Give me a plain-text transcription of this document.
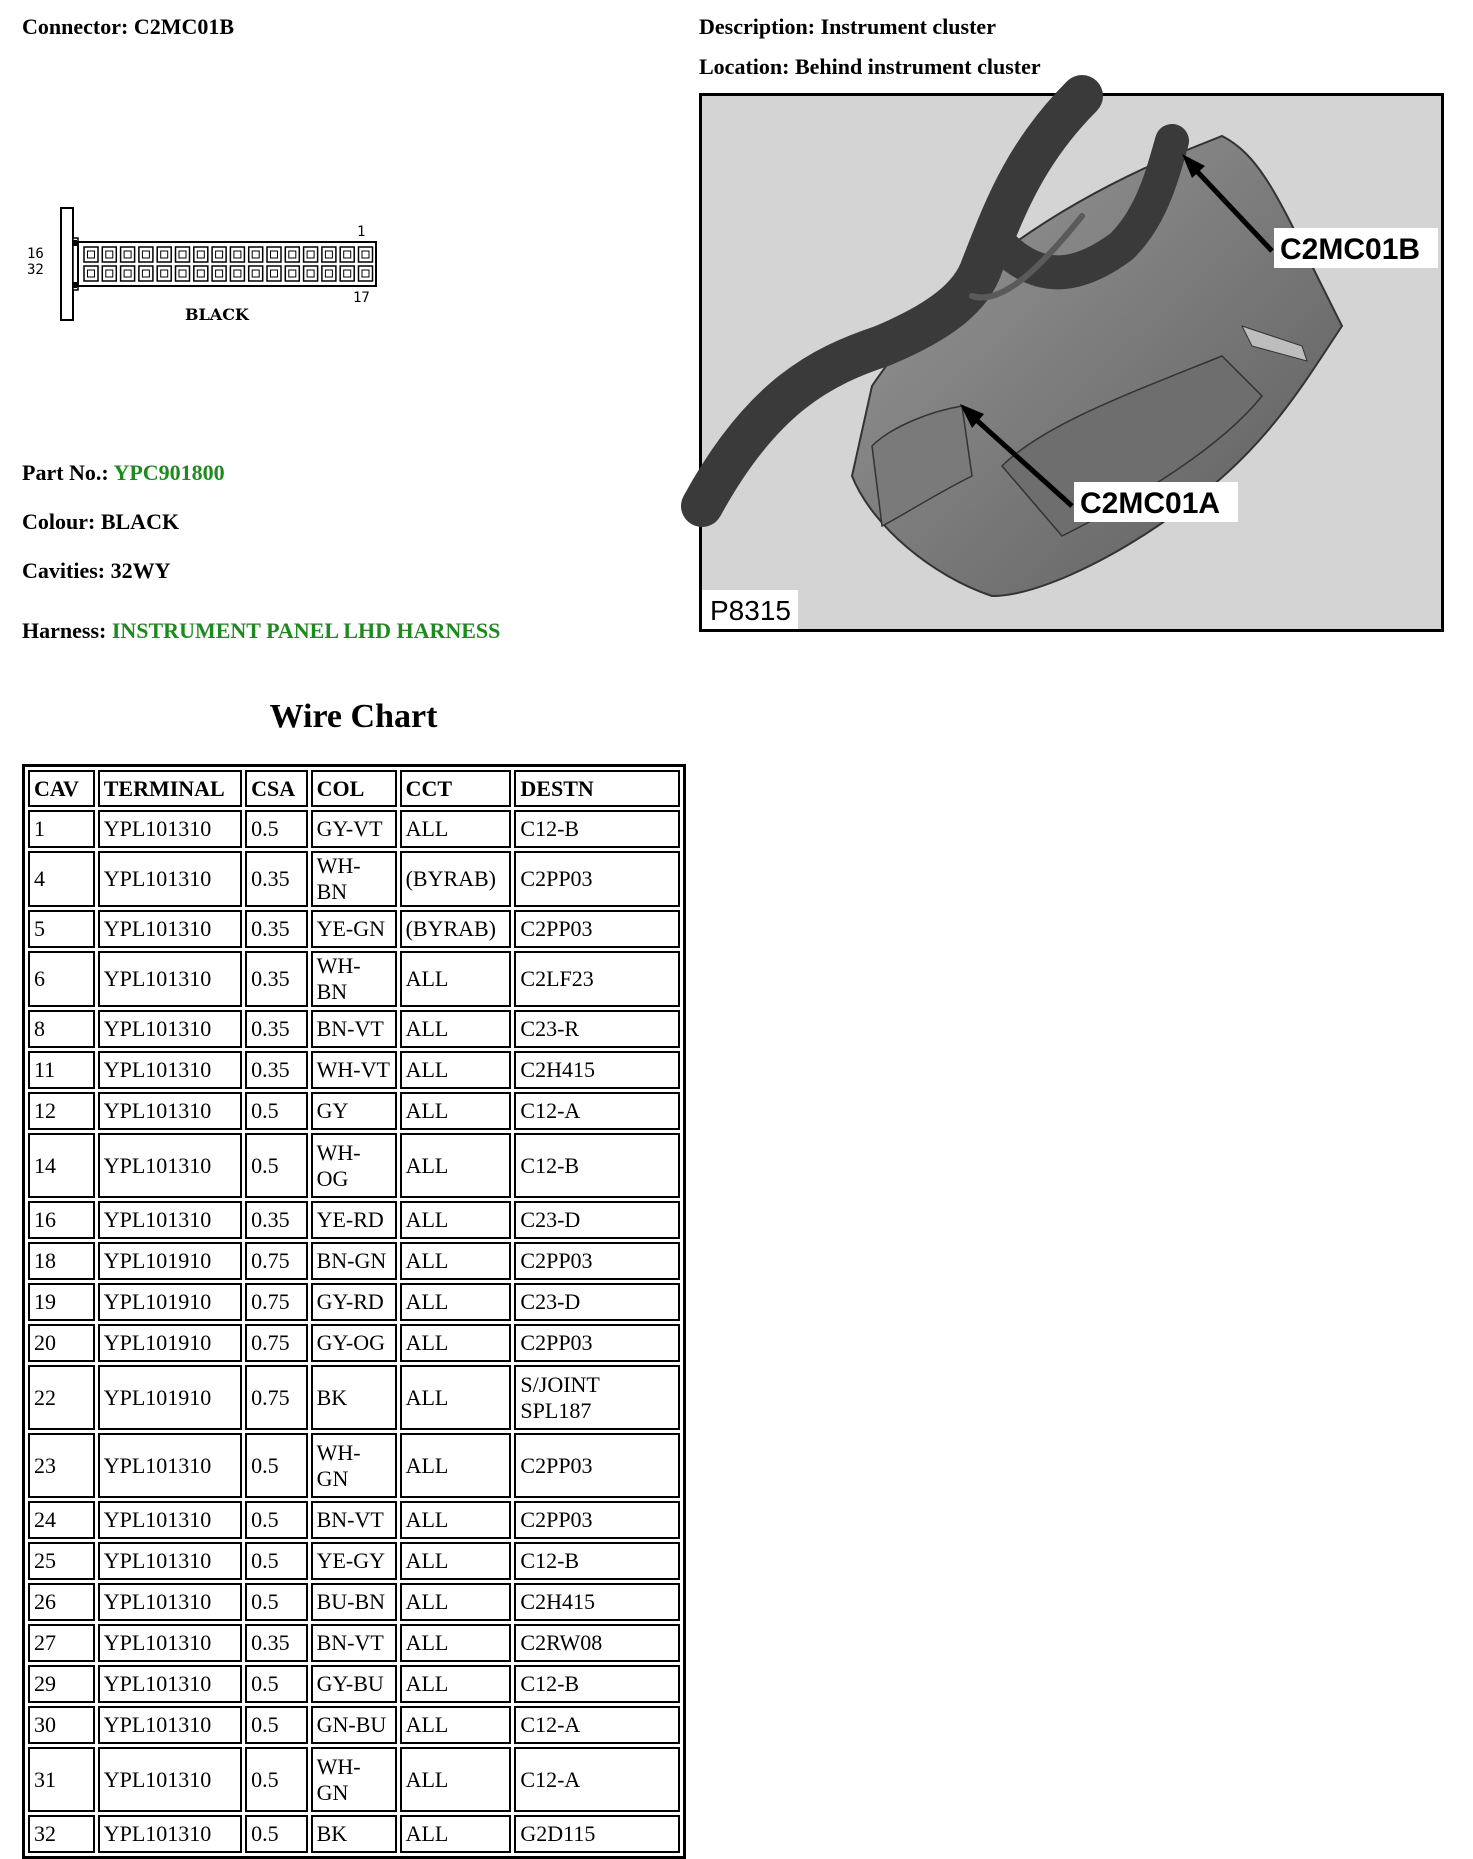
Connector: C2MC01B	Description: Instrument cluster
Location: Behind instrument cluster
16
32
1
17
BLACK
Part No.: YPC901800
Colour: BLACK
Cavities: 32WY
Harness: INSTRUMENT PANEL LHD HARNESS
C2MC01B
C2MC01A
P8315
Wire Chart
CAV	TERMINAL	CSA	COL	CCT	DESTN
1	YPL101310	0.5	GY-VT	ALL	C12-B

4	YPL101310	0.35	WH-BN	(BYRAB)	C2PP03

5	YPL101310	0.35	YE-GN	(BYRAB)	C2PP03

6	YPL101310	0.35	WH-BN	ALL	C2LF23

8	YPL101310	0.35	BN-VT	ALL	C23-R

11	YPL101310	0.35	WH-VT	ALL	C2H415

12	YPL101310	0.5	GY	ALL	C12-A

14	YPL101310	0.5	WH-
OG	ALL	C12-B

16	YPL101310	0.35	YE-RD	ALL	C23-D

18	YPL101910	0.75	BN-GN	ALL	C2PP03

19	YPL101910	0.75	GY-RD	ALL	C23-D

20	YPL101910	0.75	GY-OG	ALL	C2PP03

22	YPL101910	0.75	BK	ALL	S/JOINT
SPL187

23	YPL101310	0.5	WH-
GN	ALL	C2PP03

24	YPL101310	0.5	BN-VT	ALL	C2PP03

25	YPL101310	0.5	YE-GY	ALL	C12-B

26	YPL101310	0.5	BU-BN	ALL	C2H415

27	YPL101310	0.35	BN-VT	ALL	C2RW08

29	YPL101310	0.5	GY-BU	ALL	C12-B

30	YPL101310	0.5	GN-BU	ALL	C12-A

31	YPL101310	0.5	WH-
GN	ALL	C12-A

32	YPL101310	0.5	BK	ALL	G2D115
